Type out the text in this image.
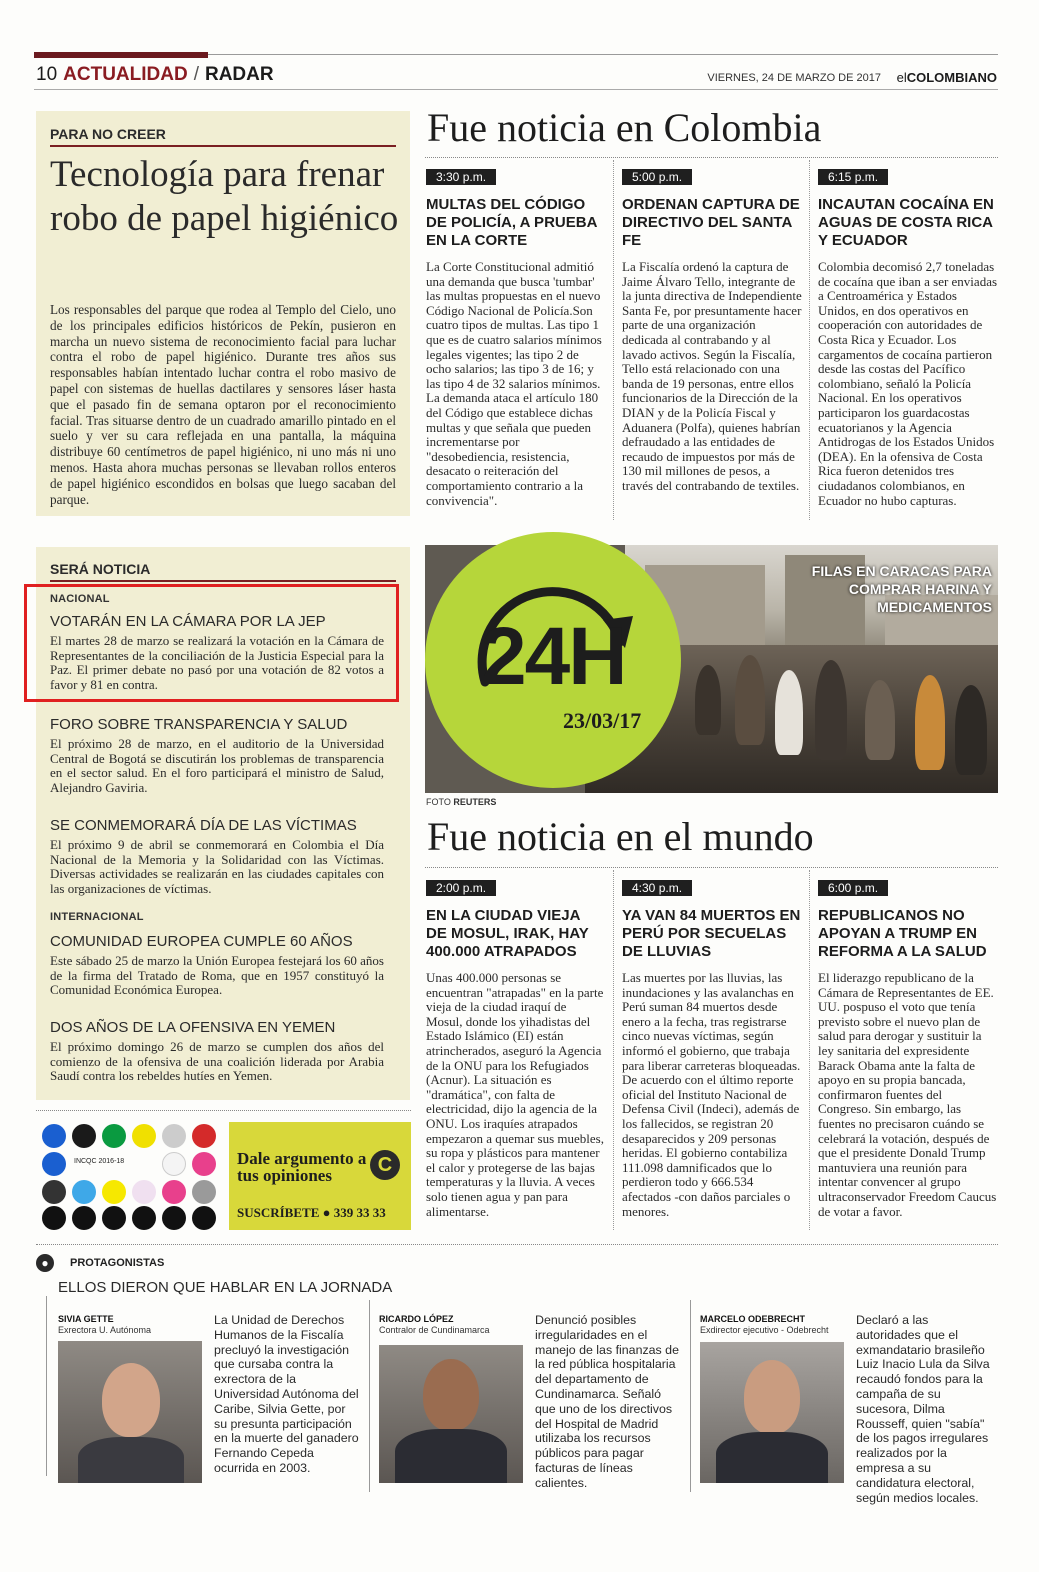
10 ACTUALIDAD / RADAR	VIERNES, 24 DE MARZO DE 2017 elCOLOMBIANO
PARA NO CREER
Tecnología para frenar robo de papel higiénico
Los responsables del parque que rodea al Templo del Cielo, uno de los principales edificios históricos de Pekín, pusieron en marcha un nuevo sistema de reconocimiento facial para luchar contra el robo de papel higiénico. Durante tres años sus responsables habían intentado luchar contra el robo masivo de papel con sistemas de huellas dactilares y sensores láser hasta que el pasado fin de semana optaron por el reconocimiento facial. Tras situarse dentro de un cuadrado amarillo pintado en el suelo y ver su cara reflejada en una pantalla, la máquina distribuye 60 centímetros de papel higiénico, ni uno más ni uno menos. Hasta ahora muchas personas se llevaban rollos enteros de papel higiénico escondidos en bolsas que luego sacaban del parque.
SERÁ NOTICIA
NACIONAL
VOTARÁN EN LA CÁMARA POR LA JEP
El martes 28 de marzo se realizará la votación en la Cámara de Representantes de la conciliación de la Justicia Especial para la Paz. El primer debate no pasó por una votación de 82 votos a favor y 81 en contra.
FORO SOBRE TRANSPARENCIA Y SALUD
El próximo 28 de marzo, en el auditorio de la Universidad Central de Bogotá se discutirán los problemas de transparencia en el sector salud. En el foro participará el ministro de Salud, Alejandro Gaviria.
SE CONMEMORARÁ DÍA DE LAS VÍCTIMAS
El próximo 9 de abril se conmemorará en Colombia el Día Nacional de la Memoria y la Solidaridad con las Víctimas. Diversas actividades se realizarán en las ciudades capitales con las organizaciones de víctimas.
INTERNACIONAL
COMUNIDAD EUROPEA CUMPLE 60 AÑOS
Este sábado 25 de marzo la Unión Europea festejará los 60 años de la firma del Tratado de Roma, que en 1957 constituyó la Comunidad Económica Europea.
DOS AÑOS DE LA OFENSIVA EN YEMEN
El próximo domingo 26 de marzo se cumplen dos años del comienzo de la ofensiva de una coalición liderada por Arabia Saudí contra los rebeldes hutíes en Yemen.
Fue noticia en Colombia
3:30 p.m.
MULTAS DEL CÓDIGO DE POLICÍA, A PRUEBA EN LA CORTE
La Corte Constitucional admitió una demanda que busca 'tumbar' las multas propuestas en el nuevo Código Nacional de Policía.Son cuatro tipos de multas. Las tipo 1 que es de cuatro salarios mínimos legales vigentes; las tipo 2 de ocho salarios; las tipo 3 de 16; y las tipo 4 de 32 salarios mínimos. La demanda ataca el artículo 180 del Código que establece dichas multas y que señala que pueden incrementarse por "desobediencia, resistencia, desacato o reiteración del comportamiento contrario a la convivencia".
5:00 p.m.
ORDENAN CAPTURA DE DIRECTIVO DEL SANTA FE
La Fiscalía ordenó la captura de Jaime Álvaro Tello, integrante de la junta directiva de Independiente Santa Fe, por presuntamente hacer parte de una organización dedicada al contrabando y al lavado activos. Según la Fiscalía, Tello está relacionado con una banda de 19 personas, entre ellos funcionarios de la Dirección de la DIAN y de la Policía Fiscal y Aduanera (Polfa), quienes habrían defraudado a las entidades de recaudo de impuestos por más de 130 mil millones de pesos, a través del contrabando de textiles.
6:15 p.m.
INCAUTAN COCAÍNA EN AGUAS DE COSTA RICA Y ECUADOR
Colombia decomisó 2,7 toneladas de cocaína que iban a ser enviadas a Centroamérica y Estados Unidos, en dos operativos en cooperación con autoridades de Costa Rica y Ecuador. Los cargamentos de cocaína partieron desde las costas del Pacífico colombiano, señaló la Policía Nacional. En los operativos participaron los guardacostas ecuatorianos y la Agencia Antidrogas de los Estados Unidos (DEA). En la ofensiva de Costa Rica fueron detenidos tres ciudadanos colombianos, en Ecuador no hubo capturas.
24H
23/03/17
FILAS EN CARACAS PARA COMPRAR HARINA Y MEDICAMENTOS
FOTO REUTERS
Fue noticia en el mundo
2:00 p.m.
EN LA CIUDAD VIEJA DE MOSUL, IRAK, HAY 400.000 ATRAPADOS
Unas 400.000 personas se encuentran "atrapadas" en la parte vieja de la ciudad iraquí de Mosul, donde los yihadistas del Estado Islámico (EI) están atrincherados, aseguró la Agencia de la ONU para los Refugiados (Acnur). La situación es "dramática", con falta de electricidad, dijo la agencia de la ONU. Los iraquíes atrapados empezaron a quemar sus muebles, su ropa y plásticos para mantener el calor y protegerse de las bajas temperaturas y la lluvia. A veces solo tienen agua y pan para alimentarse.
4:30 p.m.
YA VAN 84 MUERTOS EN PERÚ POR SECUELAS DE LLUVIAS
Las muertes por las lluvias, las inundaciones y las avalanchas en Perú suman 84 muertos desde enero a la fecha, tras registrarse cinco nuevas víctimas, según informó el gobierno, que trabaja para liberar carreteras bloqueadas. De acuerdo con el último reporte oficial del Instituto Nacional de Defensa Civil (Indeci), además de los fallecidos, se registran 20 desaparecidos y 209 personas heridas. El gobierno contabiliza 111.098 damnificados que lo perdieron todo y 666.534 afectados -con daños parciales o menores.
6:00 p.m.
REPUBLICANOS NO APOYAN A TRUMP EN REFORMA A LA SALUD
El liderazgo republicano de la Cámara de Representantes de EE. UU. pospuso el voto que tenía previsto sobre el nuevo plan de salud para derogar y sustituir la ley sanitaria del expresidente Barack Obama ante la falta de apoyo en su propia bancada, confirmaron fuentes del Congreso. Sin embargo, las fuentes no precisaron cuándo se celebrará la votación, después de que el presidente Donald Trump mantuviera una reunión para intentar convencer al grupo ultraconservador Freedom Caucus de votar a favor.
INCQC 2016-18	Dale argumento a tus opiniones	C
SUSCRÍBETE ● 339 33 33
●	PROTAGONISTAS
ELLOS DIERON QUE HABLAR EN LA JORNADA
SIVIA GETTE
Exrectora U. Autónoma
La Unidad de Derechos Humanos de la Fiscalía precluyó la investigación que cursaba contra la exrectora de la Universidad Autónoma del Caribe, Silvia Gette, por su presunta participación en la muerte del ganadero Fernando Cepeda ocurrida en 2003.
RICARDO LÓPEZ
Contralor de Cundinamarca
Denunció posibles irregularidades en el manejo de las finanzas de la red pública hospitalaria del departamento de Cundinamarca. Señaló que uno de los directivos del Hospital de Madrid utilizaba los recursos públicos para pagar facturas de líneas calientes.
MARCELO ODEBRECHT
Exdirector ejecutivo - Odebrecht
Declaró a las autoridades que el exmandatario brasileño Luiz Inacio Lula da Silva recaudó fondos para la campaña de su sucesora, Dilma Rousseff, quien "sabía" de los pagos irregulares realizados por la empresa a su candidatura electoral, según medios locales.
